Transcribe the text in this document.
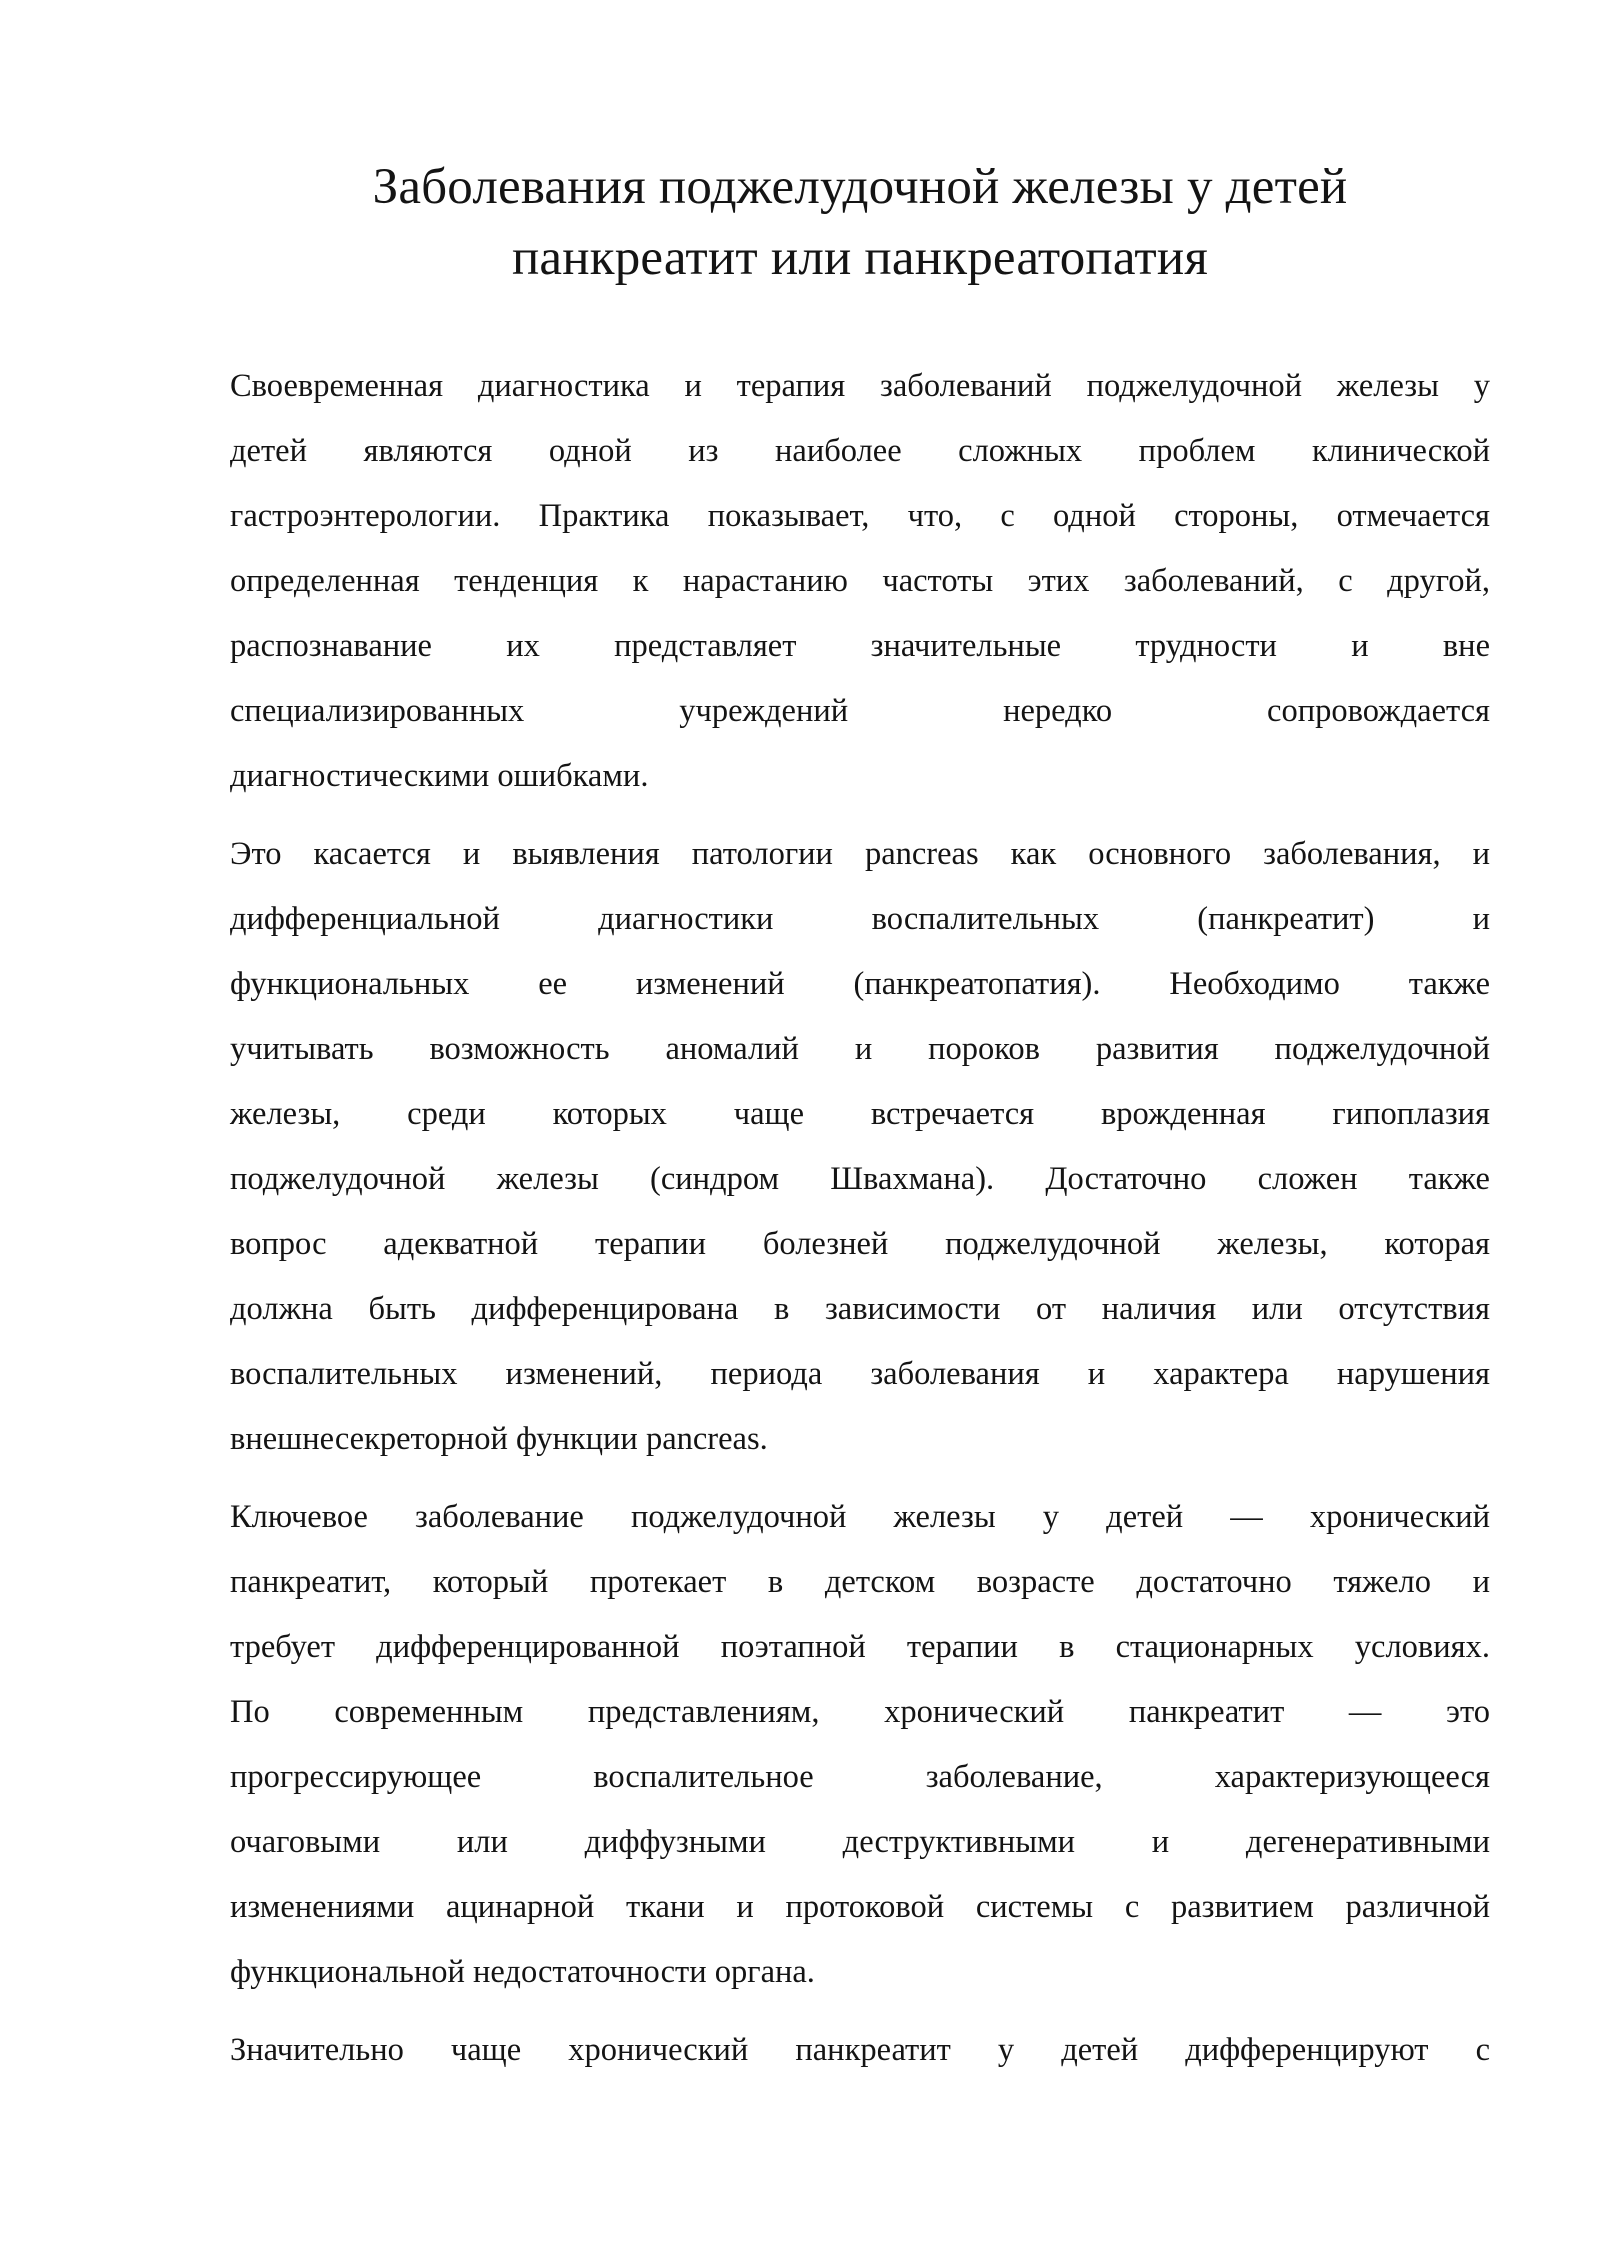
Заболевания поджелудочной железы у детей
панкреатит или панкреатопатия

Своевременная диагностика и терапия заболеваний поджелудочной железы у
детей являются одной из наиболее сложных проблем клинической
гастроэнтерологии. Практика показывает, что, с одной стороны, отмечается
определенная тенденция к нарастанию частоты этих заболеваний, с другой,
распознавание их представляет значительные трудности и вне
специализированных учреждений нередко сопровождается
диагностическими ошибками.

Это касается и выявления патологии pancreas как основного заболевания, и
дифференциальной диагностики воспалительных (панкреатит) и
функциональных ее изменений (панкреатопатия). Необходимо также
учитывать возможность аномалий и пороков развития поджелудочной
железы, среди которых чаще встречается врожденная гипоплазия
поджелудочной железы (синдром Швахмана). Достаточно сложен также
вопрос адекватной терапии болезней поджелудочной железы, которая
должна быть дифференцирована в зависимости от наличия или отсутствия
воспалительных изменений, периода заболевания и характера нарушения
внешнесекреторной функции pancreas.

Ключевое заболевание поджелудочной железы у детей — хронический
панкреатит, который протекает в детском возрасте достаточно тяжело и
требует дифференцированной поэтапной терапии в стационарных условиях.
По современным представлениям, хронический панкреатит — это
прогрессирующее воспалительное заболевание, характеризующееся
очаговыми или диффузными деструктивными и дегенеративными
изменениями ацинарной ткани и протоковой системы с развитием различной
функциональной недостаточности органа.

Значительно чаще хронический панкреатит у детей дифференцируют с
